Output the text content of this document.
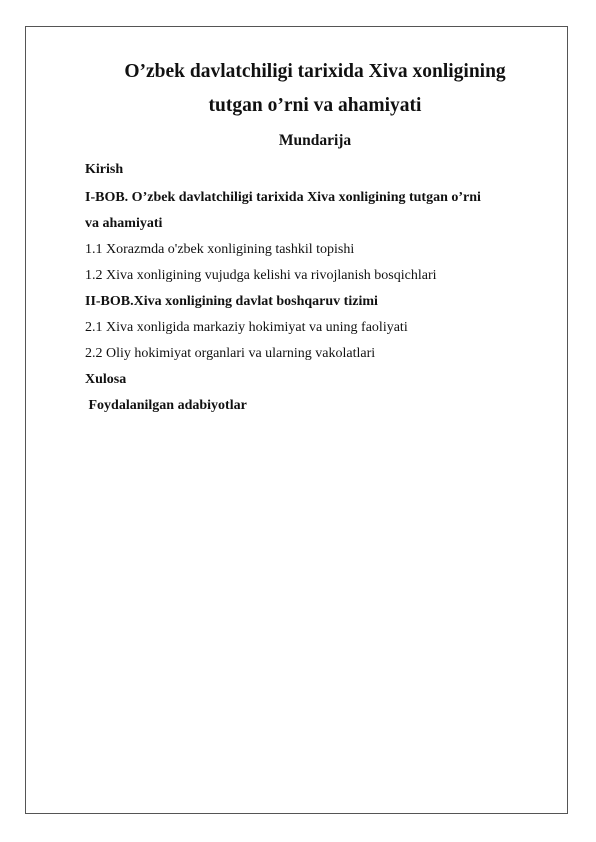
O’zbek davlatchiligi tarixida Xiva xonligining
tutgan o’rni va ahamiyati
Mundarija

Kirish

I-BOB. O’zbek davlatchiligi tarixida Xiva xonligining tutgan o’rni

va ahamiyati

1.1 Xorazmda o'zbek xonligining tashkil topishi

1.2 Xiva xonligining vujudga kelishi va rivojlanish bosqichlari

II-BOB.Xiva xonligining davlat boshqaruv tizimi

2.1 Xiva xonligida markaziy hokimiyat va uning faoliyati

2.2 Oliy hokimiyat organlari va ularning vakolatlari

Xulosa

Foydalanilgan adabiyotlar
